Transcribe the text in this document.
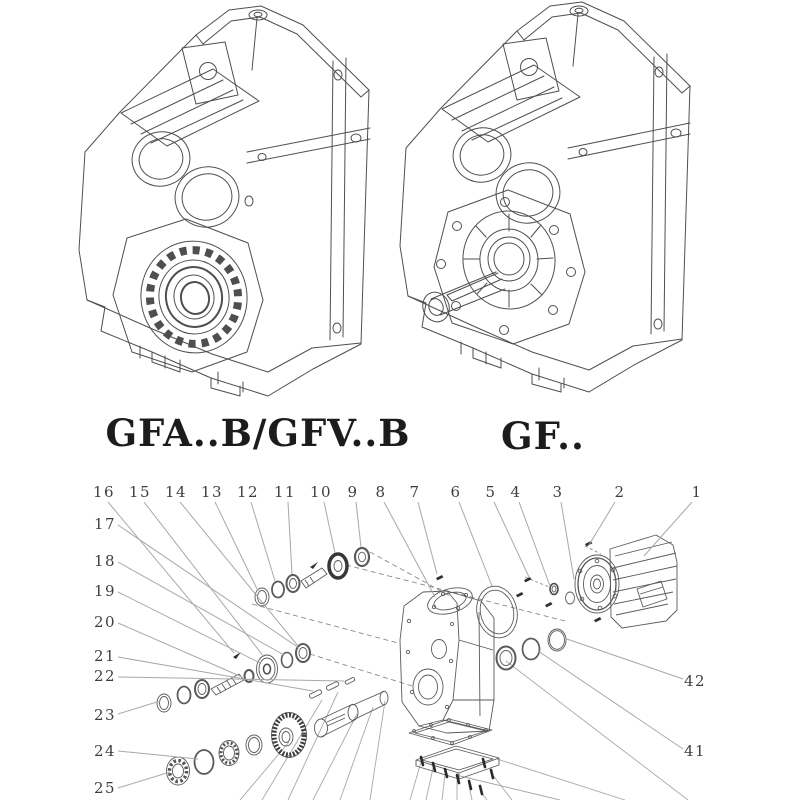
GFA..B/GFV..B GF..
1
2
3
4
5
6
7
8
9
10
11
12
13
14
15
16
17
18
19
20
21
22
23
24
25
41
42
